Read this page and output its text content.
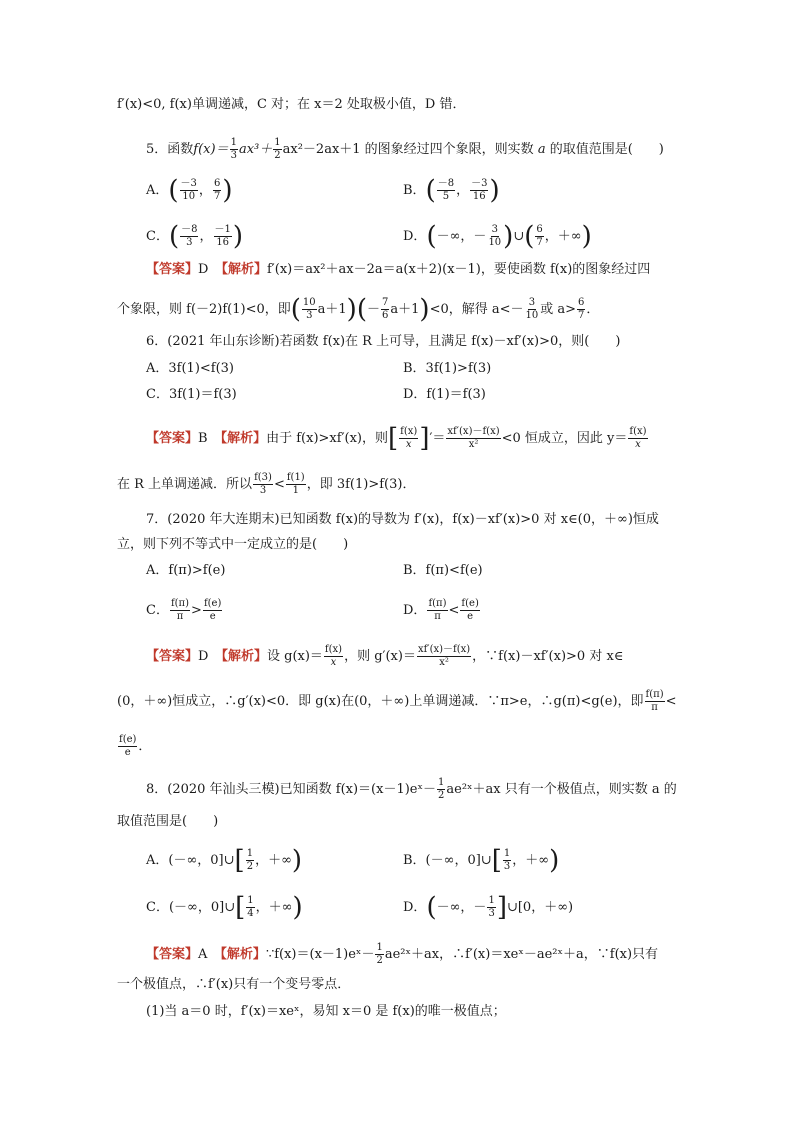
f′(x)<0, f(x)单调递减，C 对；在 x＝2 处取极小值，D 错．
5．函数$f(x)= \frac{1}{3} ax^3+ \frac{1}{2} ax^2-2ax+1$ 的图象经过四个象限，则实数 a 的取值范围是(　　)
A．( $\frac{-3}{10}$ ， $\frac{6}{7}$ )	B．( $\frac{-8}{5}$ ， $\frac{-3}{16}$ )
C．( $\frac{-8}{3}$ ， $\frac{-1}{16}$ )	D．(－∞，－ $\frac{3}{10}$ )∪( $\frac{6}{7}$ ，＋∞)
【答案】D　 【解析】f′(x)＝ax²＋ax－2a＝a(x＋2)(x－1)，要使函数 f(x)的图象经过四
个象限，则 f(－2)f(1)<0，即( $\frac{10}{3} a+1)(- \frac{7}{6} a+1)<0$，解得 $a<- \frac{3}{10}$ 或 $a> \frac{6}{7}$ ．
6．(2021 年山东诊断)若函数 f(x)在 R 上可导，且满足 f(x)－xf′(x)>0，则(　　)
A．3f(1)<f(3)	B．3f(1)>f(3)
C．3f(1)＝f(3)	D．f(1)＝f(3)
【答案】B　 【解析】由于 f(x)>xf′(x)，则[ $\frac{f(x)}{x}$ ]′＝ $\frac{xf'(x)-f(x)}{\text{x²}} <0$ 恒成立，因此 $y= \frac{f(x)}{x}$
在 R 上单调递减．所以 $\frac{f(3)}{3} < \frac{f(1)}{1}$ ，即 3f(1)>f(3)．
7．(2020 年大连期末)已知函数 f(x)的导数为 f′(x)，f(x)－xf′(x)>0 对 x∈(0，＋∞)恒成
立，则下列不等式中一定成立的是(　　)
A．f(π)>f(e)	B．f(π)<f(e)
C． $\frac{f(\pi)}{\pi} > \frac{f(e)}{e}$	D． $\frac{f(\pi)}{\pi} < \frac{f(e)}{e}$
【答案】D　 【解析】设 $g(x)= \frac{f(x)}{x}$ ，则 $g'(x)= \frac{xf'(x)-f(x)}{\text{x²}}$ ，∵f(x)－xf′(x)>0 对 x∈
(0，＋∞)恒成立，∴g′(x)<0．即 g(x)在(0，＋∞)上单调递减．∵π>e，∴g(π)<g(e)，即 $\frac{f(\pi)}{\pi}$ <
$\frac{f(e)}{e}$ ．
8．(2020 年汕头三模)已知函数 f(x)＝(x－1)eˣ－ $\frac{1}{2}$ ae²ˣ＋ax 只有一个极值点，则实数 a 的
取值范围是(　　)
A．(－∞，0]∪[ $\frac{1}{2}$ ，＋∞)	B．(－∞，0]∪[ $\frac{1}{3}$ ，＋∞)
C．(－∞，0]∪[ $\frac{1}{4}$ ，＋∞)	D．(－∞，－ $\frac{1}{3}$ ]∪[0，＋∞)
【答案】A　 【解析】∵f(x)＝(x－1)eˣ－ $\frac{1}{2}$ ae²ˣ＋ax，∴f′(x)＝xeˣ－ae²ˣ＋a，∵f(x)只有
一个极值点，∴f′(x)只有一个变号零点．
(1)当 a＝0 时，f′(x)＝xeˣ，易知 x＝0 是 f(x)的唯一极值点；
